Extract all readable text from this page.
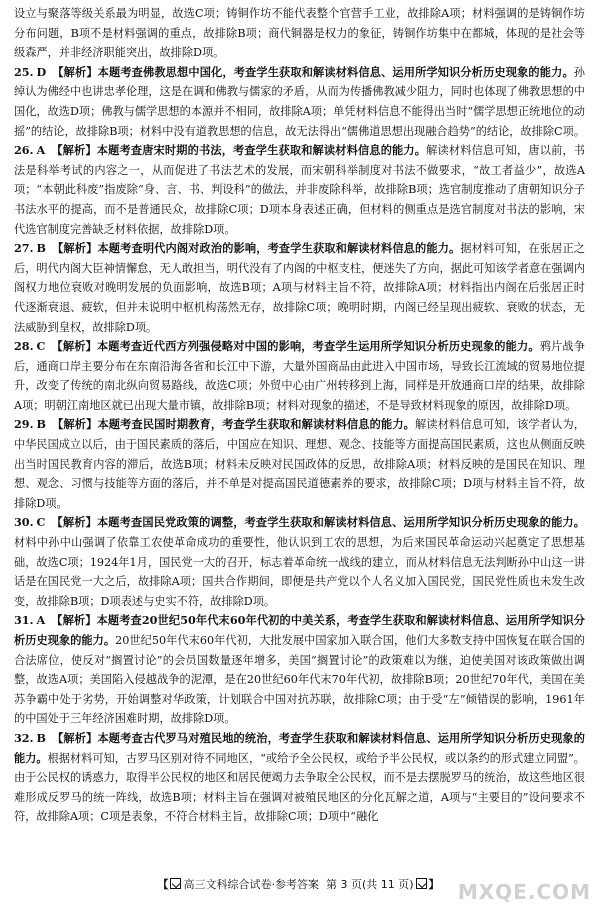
设立与聚落等级关系最为明显，故选C项；铸铜作坊不能代表整个官营手工业，故排除A项；材料强调的是铸铜作坊分布问题，B项不是材料强调的重点，故排除B项；商代铜器是权力的象征，铸铜作坊集中在都城，体现的是社会等级森严，并非经济职能突出，故排除D项。

25. D 【解析】本题考查佛教思想中国化，考查学生获取和解读材料信息、运用所学知识分析历史现象的能力。孙绰认为佛经中也讲忠孝伦理，这是在调和佛教与儒家的矛盾，从而为传播佛教减少阻力，同时也体现了佛教思想的中国化，故选D项；佛教与儒学思想的本源并不相同，故排除A项；单凭材料信息不能得出当时“儒学思想正统地位的动摇”的结论，故排除B项；材料中没有道教思想的信息，故无法得出“儒佛道思想出现融合趋势”的结论，故排除C项。

26. A 【解析】本题考查唐宋时期的书法，考查学生获取和解读材料信息的能力。解读材料信息可知，唐以前，书法是科举考试的内容之一，从而促进了书法艺术的发展，而宋朝科举制度对书法不做要求，“故工者益少”，故选A项；“本朝此科废”指废除“身、言、书、判设科”的做法，并非废除科举，故排除B项；选官制度推动了唐朝知识分子书法水平的提高，而不是普通民众，故排除C项；D项本身表述正确，但材料的侧重点是选官制度对书法的影响，宋代选官制度完善缺乏材料依据，故排除D项。

27. B 【解析】本题考查明代内阁对政治的影响，考查学生获取和解读材料信息的能力。据材料可知，在张居正之后，明代内阁大臣神情懈怠，无人敢担当，明代没有了内阁的中枢支柱，便迷失了方向，据此可知该学者意在强调内阁权力地位衰败对晚明发展的负面影响，故选B项；A项与材料主旨不符，故排除A项；材料指出内阁在后张居正时代逐渐衰退、疲软，但并未说明中枢机构荡然无存，故排除C项；晚明时期，内阁已经呈现出疲软、衰败的状态，无法威胁到皇权，故排除D项。

28. C 【解析】本题考查近代西方列强侵略对中国的影响，考查学生运用所学知识分析历史现象的能力。鸦片战争后，通商口岸主要分布在东南沿海各省和长江中下游，大量外国商品由此进入中国市场，导致长江流域的贸易地位提升，改变了传统的南北纵向贸易路线，故选C项；外贸中心由广州转移到上海，同样是开放通商口岸的结果，故排除A项；明朝江南地区就已出现大量市镇，故排除B项；材料对现象的描述，不是导致材料现象的原因，故排除D项。

29. B 【解析】本题考查民国时期教育，考查学生获取和解读材料信息的能力。解读材料信息可知，该学者认为，中华民国成立以后，由于国民素质的落后，中国应在知识、理想、观念、技能等方面提高国民素质，这也从侧面反映出当时国民教育内容的滞后，故选B项；材料未反映对民国政体的反思，故排除A项；材料反映的是国民在知识、理想、观念、习惯与技能等方面的落后，并不单是对提高国民道德素养的要求，故排除C项；D项与材料主旨不符，故排除D项。

30. C 【解析】本题考查国民党政策的调整，考查学生获取和解读材料信息、运用所学知识分析历史现象的能力。材料中孙中山强调了依靠工农使革命成功的重要性，他认识到工农的思想，为后来国民革命运动兴起奠定了思想基础，故选C项；1924年1月，国民党一大的召开，标志着革命统一战线的建立，而从材料信息无法判断孙中山这一讲话是在国民党一大之后，故排除A项；国共合作期间，即便是共产党以个人名义加入国民党，国民党性质也未发生改变，故排除B项；D项表述与史实不符，故排除D项。

31. A 【解析】本题考查20世纪50年代末60年代初的中美关系，考查学生获取和解读材料信息、运用所学知识分析历史现象的能力。20世纪50年代末60年代初，大批发展中国家加入联合国，他们大多数支持中国恢复在联合国的合法席位，使反对“搁置讨论”的会员国数量逐年增多，美国“搁置讨论”的政策难以为继，迫使美国对该政策做出调整，故选A项；美国陷入侵越战争的泥潭，是在20世纪60年代末70年代初，故排除B项；20世纪70年代，美国在美苏争霸中处于劣势，开始调整对华政策，计划联合中国对抗苏联，故排除C项；由于受“左”倾错误的影响，1961年的中国处于三年经济困难时期，故排除D项。

32. B 【解析】本题考查古代罗马对殖民地的统治，考查学生获取和解读材料信息、运用所学知识分析历史现象的能力。根据材料可知，古罗马区别对待不同地区，“或给予全公民权，或给予半公民权，或以条约的形式建立同盟”。由于公民权的诱惑力，取得半公民权的地区和居民便竭力去争取全公民权，而不是去摆脱罗马的统治，故这些地区很难形成反罗马的统一阵线，故选B项；材料主旨在强调对被殖民地区的分化瓦解之道，A项与“主要目的”设问要求不符，故排除A项；C项是表象，不符合材料主旨，故排除C项；D项中“融化

【 高三文科综合试卷·参考答案 第 3 页(共 11 页) 】 MXQE.COM
